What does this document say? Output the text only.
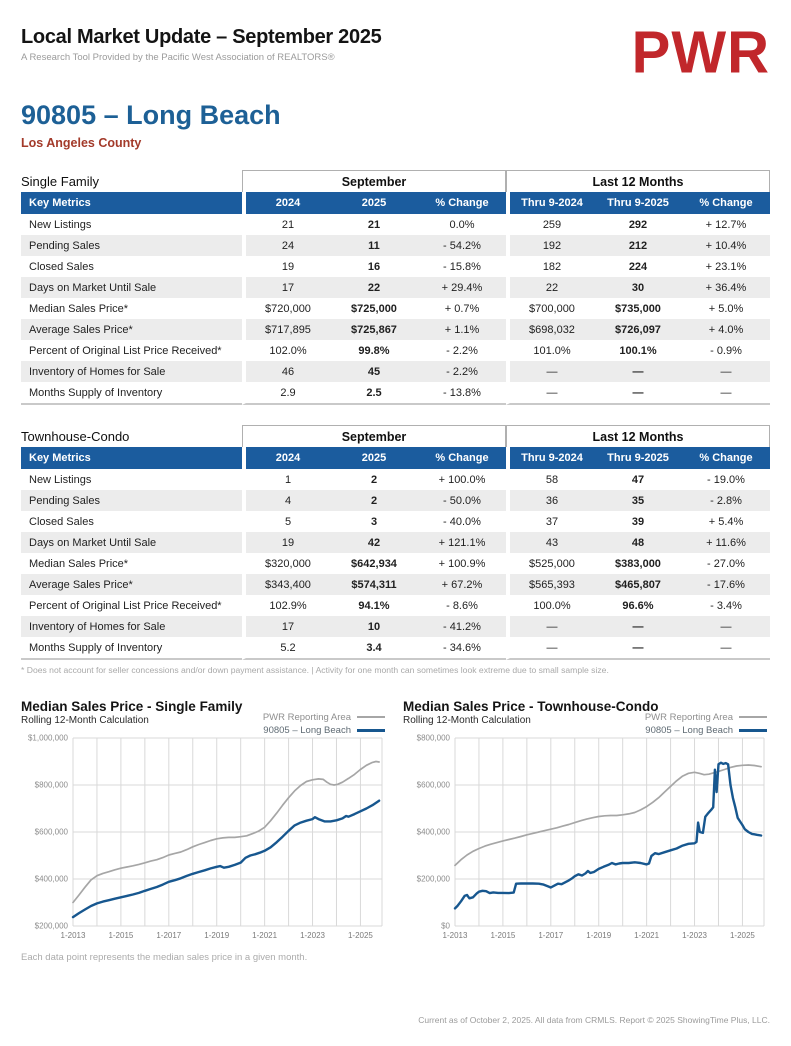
Local Market Update – September 2025
A Research Tool Provided by the Pacific West Association of REALTORS®	PWR
90805 – Long Beach
Los Angeles County
Single Family	September			Last 12 Months		

Key Metrics	2024	2025	% Change	Thru 9-2024	Thru 9-2025	% Change
New Listings	21	21	0.0%	259	292	+ 12.7%
Pending Sales	24	11	- 54.2%	192	212	+ 10.4%
Closed Sales	19	16	- 15.8%	182	224	+ 23.1%
Days on Market Until Sale	17	22	+ 29.4%	22	30	+ 36.4%
Median Sales Price*	$720,000	$725,000	+ 0.7%	$700,000	$735,000	+ 5.0%
Average Sales Price*	$717,895	$725,867	+ 1.1%	$698,032	$726,097	+ 4.0%
Percent of Original List Price Received*	102.0%	99.8%	- 2.2%	101.0%	100.1%	- 0.9%
Inventory of Homes for Sale	46	45	- 2.2%	—	—	—
Months Supply of Inventory	2.9	2.5	- 13.8%	—	—	—
Townhouse-Condo	September			Last 12 Months		

Key Metrics	2024	2025	% Change	Thru 9-2024	Thru 9-2025	% Change
New Listings	1	2	+ 100.0%	58	47	- 19.0%
Pending Sales	4	2	- 50.0%	36	35	- 2.8%
Closed Sales	5	3	- 40.0%	37	39	+ 5.4%
Days on Market Until Sale	19	42	+ 121.1%	43	48	+ 11.6%
Median Sales Price*	$320,000	$642,934	+ 100.9%	$525,000	$383,000	- 27.0%
Average Sales Price*	$343,400	$574,311	+ 67.2%	$565,393	$465,807	- 17.6%
Percent of Original List Price Received*	102.9%	94.1%	- 8.6%	100.0%	96.6%	- 3.4%
Inventory of Homes for Sale	17	10	- 41.2%	—	—	—
Months Supply of Inventory	5.2	3.4	- 34.6%	—	—	—
* Does not account for seller concessions and/or down payment assistance. | Activity for one month can sometimes look extreme due to small sample size.
Median Sales Price - Single Family
Rolling 12-Month Calculation	PWR Reporting Area
90805 – Long Beach
$200,000
$400,000
$600,000
$800,000
$1,000,000
1-2013	1-2015	1-2017	1-2019	1-2021	1-2023	1-2025
Each data point represents the median sales price in a given month.
Median Sales Price - Townhouse-Condo
Rolling 12-Month Calculation	PWR Reporting Area
90805 – Long Beach
$0
$200,000
$400,000
$600,000
$800,000
1-2013	1-2015	1-2017	1-2019	1-2021	1-2023	1-2025
Current as of October 2, 2025. All data from CRMLS. Report © 2025 ShowingTime Plus, LLC.
